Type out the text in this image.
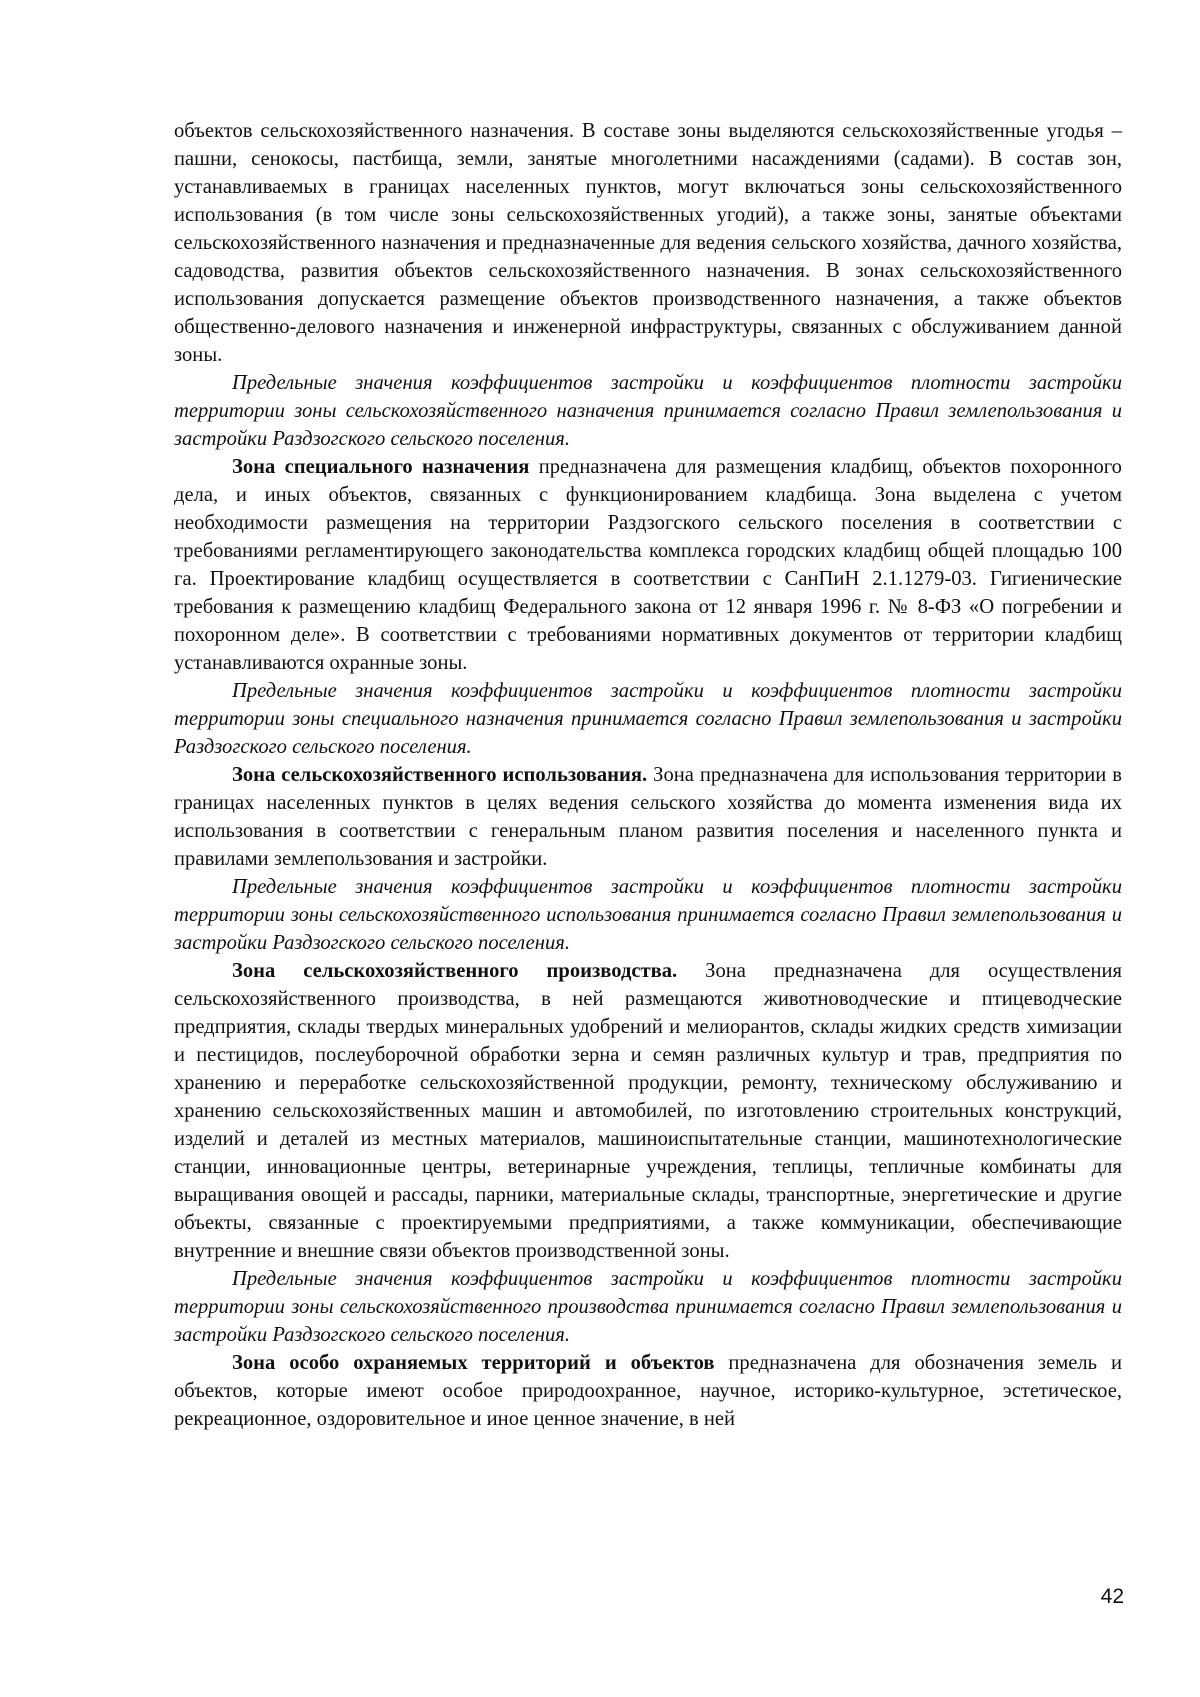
объектов сельскохозяйственного назначения. В составе зоны выделяются сельскохозяйственные угодья – пашни, сенокосы, пастбища, земли, занятые многолетними насаждениями (садами). В состав зон, устанавливаемых в границах населенных пунктов, могут включаться зоны сельскохозяйственного использования (в том числе зоны сельскохозяйственных угодий), а также зоны, занятые объектами сельскохозяйственного назначения и предназначенные для ведения сельского хозяйства, дачного хозяйства, садоводства, развития объектов сельскохозяйственного назначения. В зонах сельскохозяйственного использования допускается размещение объектов производственного назначения, а также объектов общественно-делового назначения и инженерной инфраструктуры, связанных с обслуживанием данной зоны.

Предельные значения коэффициентов застройки и коэффициентов плотности застройки территории зоны сельскохозяйственного назначения принимается согласно Правил землепользования и застройки Раздзогского сельского поселения.

Зона специального назначения предназначена для размещения кладбищ, объектов похоронного дела, и иных объектов, связанных с функционированием кладбища. Зона выделена с учетом необходимости размещения на территории Раздзогского сельского поселения в соответствии с требованиями регламентирующего законодательства комплекса городских кладбищ общей площадью 100 га. Проектирование кладбищ осуществляется в соответствии с СанПиН 2.1.1279-03. Гигиенические требования к размещению кладбищ Федерального закона от 12 января 1996 г. № 8-ФЗ «О погребении и похоронном деле». В соответствии с требованиями нормативных документов от территории кладбищ устанавливаются охранные зоны.

Предельные значения коэффициентов застройки и коэффициентов плотности застройки территории зоны специального назначения принимается согласно Правил землепользования и застройки Раздзогского сельского поселения.

Зона сельскохозяйственного использования. Зона предназначена для использования территории в границах населенных пунктов в целях ведения сельского хозяйства до момента изменения вида их использования в соответствии с генеральным планом развития поселения и населенного пункта и правилами землепользования и застройки.

Предельные значения коэффициентов застройки и коэффициентов плотности застройки территории зоны сельскохозяйственного использования принимается согласно Правил землепользования и застройки Раздзогского сельского поселения.

Зона сельскохозяйственного производства. Зона предназначена для осуществления сельскохозяйственного производства, в ней размещаются животноводческие и птицеводческие предприятия, склады твердых минеральных удобрений и мелиорантов, склады жидких средств химизации и пестицидов, послеуборочной обработки зерна и семян различных культур и трав, предприятия по хранению и переработке сельскохозяйственной продукции, ремонту, техническому обслуживанию и хранению сельскохозяйственных машин и автомобилей, по изготовлению строительных конструкций, изделий и деталей из местных материалов, машиноиспытательные станции, машинотехнологические станции, инновационные центры, ветеринарные учреждения, теплицы, тепличные комбинаты для выращивания овощей и рассады, парники, материальные склады, транспортные, энергетические и другие объекты, связанные с проектируемыми предприятиями, а также коммуникации, обеспечивающие внутренние и внешние связи объектов производственной зоны.

Предельные значения коэффициентов застройки и коэффициентов плотности застройки территории зоны сельскохозяйственного производства принимается согласно Правил землепользования и застройки Раздзогского сельского поселения.

Зона особо охраняемых территорий и объектов предназначена для обозначения земель и объектов, которые имеют особое природоохранное, научное, историко-культурное, эстетическое, рекреационное, оздоровительное и иное ценное значение, в ней

42
